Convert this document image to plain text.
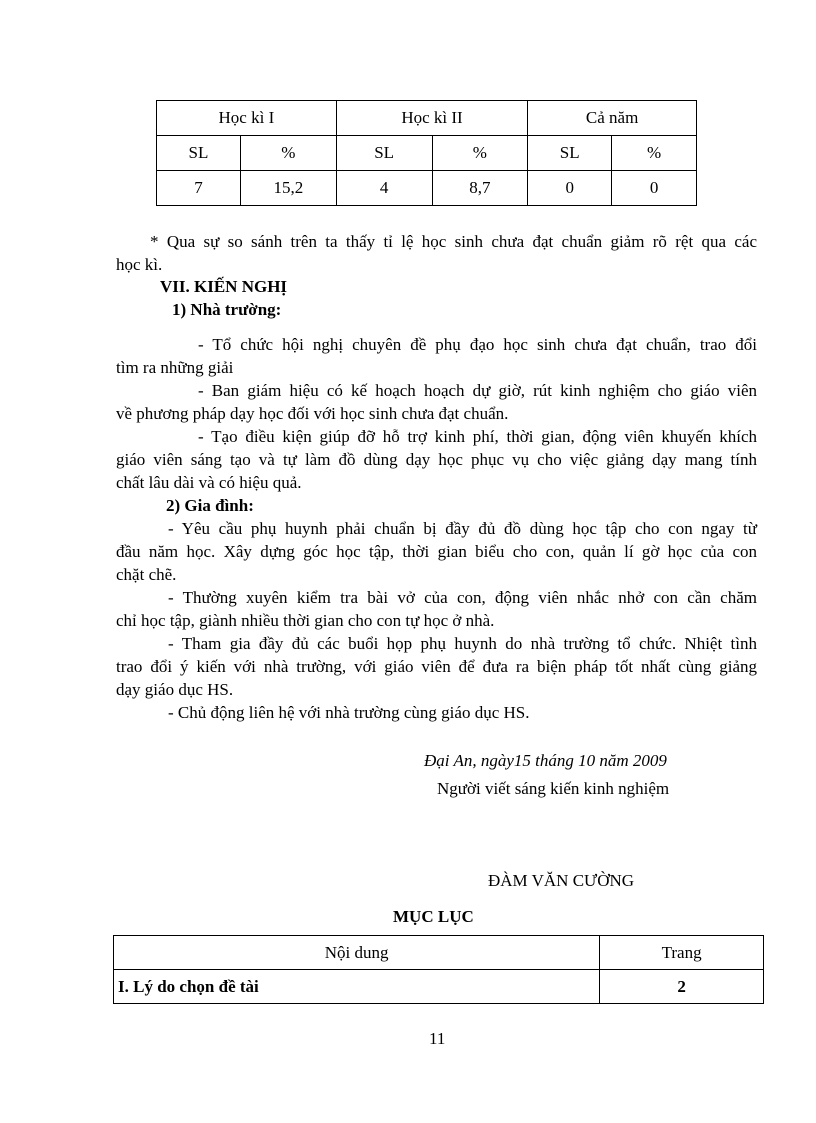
Học kì I		Học kì II		Cả năm	
SL	%	SL	%	SL	%
7	15,2	4	8,7	0	0

* Qua sự so sánh trên ta thấy tỉ lệ học sinh chưa đạt chuẩn giảm rõ rệt qua các

học kì.

VII. KIẾN NGHỊ

1) Nhà trường:

- Tổ chức hội nghị chuyên đề phụ đạo học sinh chưa đạt chuẩn, trao đổi

tìm ra những giải

- Ban giám hiệu có kế hoạch hoạch dự giờ, rút kinh nghiệm cho giáo viên

về phương pháp dạy học đối với học sinh chưa đạt chuẩn.

- Tạo điều kiện giúp đỡ hỗ trợ kinh phí, thời gian, động viên khuyến khích

giáo viên sáng tạo và tự làm đồ dùng dạy học phục vụ cho việc giảng dạy mang tính

chất lâu dài và có hiệu quả.

2) Gia đình:

- Yêu cầu phụ huynh phải chuẩn bị đầy đủ đồ dùng học tập cho con ngay từ

đầu năm học. Xây dựng góc học tập, thời gian biểu cho con, quản lí gờ học của con

chặt chẽ.

- Thường xuyên kiểm tra bài vở của con, động viên nhắc nhở con cần chăm

chỉ học tập, giành nhiều thời gian cho con tự học ở nhà.

- Tham gia đầy đủ các buổi họp phụ huynh do nhà trường tổ chức. Nhiệt tình

trao đổi ý kiến với nhà trường, với giáo viên để đưa ra biện pháp tốt nhất cùng giảng

dạy giáo dục HS.

- Chủ động liên hệ với nhà trường cùng giáo dục HS.

Đại An, ngày15 tháng 10 năm 2009

Người viết sáng kiến kinh nghiệm

ĐÀM VĂN CƯỜNG

MỤC LỤC

Nội dung	Trang
I. Lý do chọn đề tài	2

11
